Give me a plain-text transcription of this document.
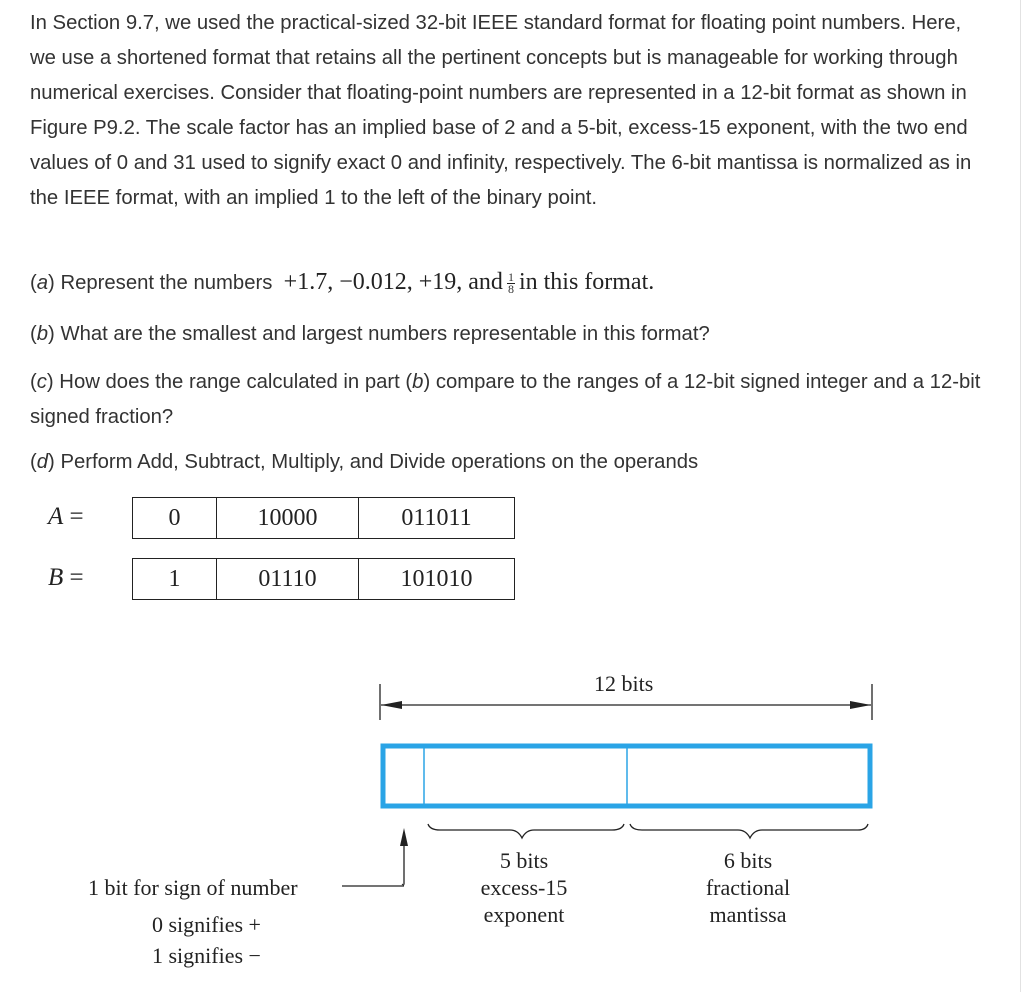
In Section 9.7, we used the practical-sized 32-bit IEEE standard format for floating point numbers. Here, we use a shortened format that retains all the pertinent concepts but is manageable for working through numerical exercises. Consider that floating-point numbers are represented in a 12-bit format as shown in Figure P9.2. The scale factor has an implied base of 2 and a 5-bit, excess-15 exponent, with the two end values of 0 and 31 used to signify exact 0 and infinity, respectively. The 6-bit mantissa is normalized as in the IEEE format, with an implied 1 to the left of the binary point.

(a) Represent the numbers +1.7, −0.012, +19, and $\frac{1}{8}$ in this format.

(b) What are the smallest and largest numbers representable in this format?

(c) How does the range calculated in part (b) compare to the ranges of a 12-bit signed integer and a 12-bit signed fraction?

(d) Perform Add, Subtract, Multiply, and Divide operations on the operands

A =	0	10000	011011
B =	1	01110	101010
12 bits
1 bit for sign of number
0 signifies +
1 signifies −
5 bits
excess-15
exponent
6 bits
fractional
mantissa
